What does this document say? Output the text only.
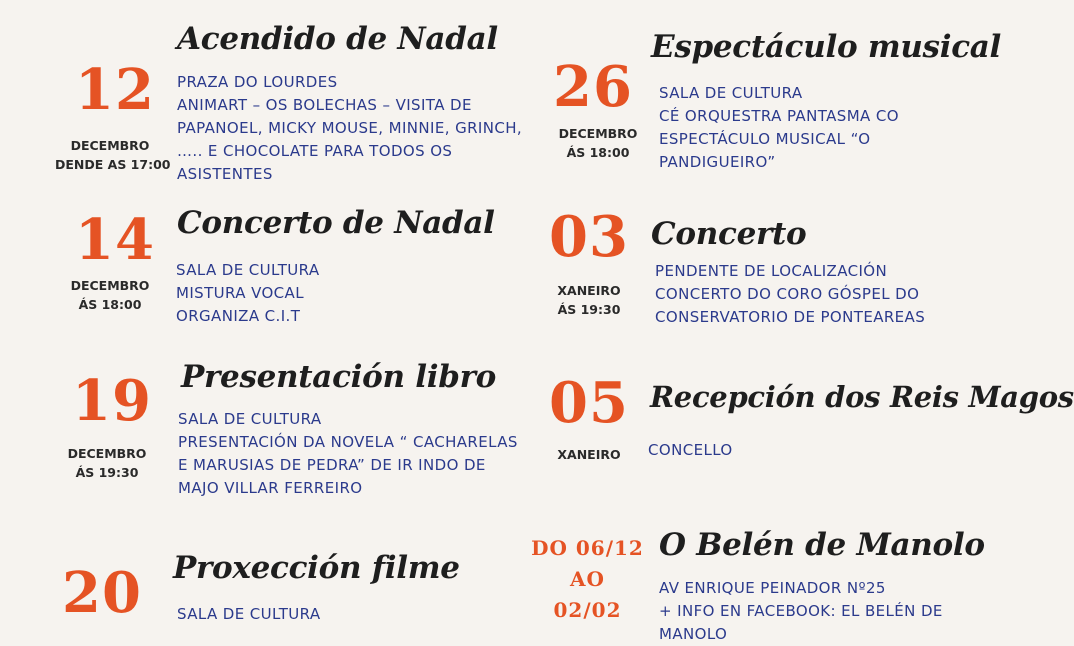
12
DECEMBRO
DENDE AS 17:00
Acendido de Nadal
PRAZA DO LOURDES
ANIMART – OS BOLECHAS – VISITA DE
PAPANOEL, MICKY MOUSE, MINNIE, GRINCH,
….. E CHOCOLATE PARA TODOS OS
ASISTENTES
14
DECEMBRO
ÁS 18:00
Concerto de Nadal
SALA DE CULTURA
MISTURA VOCAL
ORGANIZA C.I.T
19
DECEMBRO
ÁS 19:30
Presentación libro
SALA DE CULTURA
PRESENTACIÓN DA NOVELA “ CACHARELAS
E MARUSIAS DE PEDRA” DE IR INDO DE
MAJO VILLAR FERREIRO
20 Proxección filme
SALA DE CULTURA
26
DECEMBRO
ÁS 18:00
Espectáculo musical
SALA DE CULTURA
CÉ ORQUESTRA PANTASMA CO
ESPECTÁCULO MUSICAL “O
PANDIGUEIRO”
03
XANEIRO
ÁS 19:30
Concerto
PENDENTE DE LOCALIZACIÓN
CONCERTO DO CORO GÓSPEL DO
CONSERVATORIO DE PONTEAREAS
05
XANEIRO
Recepción dos Reis Magos
CONCELLO
DO 06/12
AO
02/02
O Belén de Manolo
AV ENRIQUE PEINADOR Nº25
+ INFO EN FACEBOOK: EL BELÉN DE
MANOLO
